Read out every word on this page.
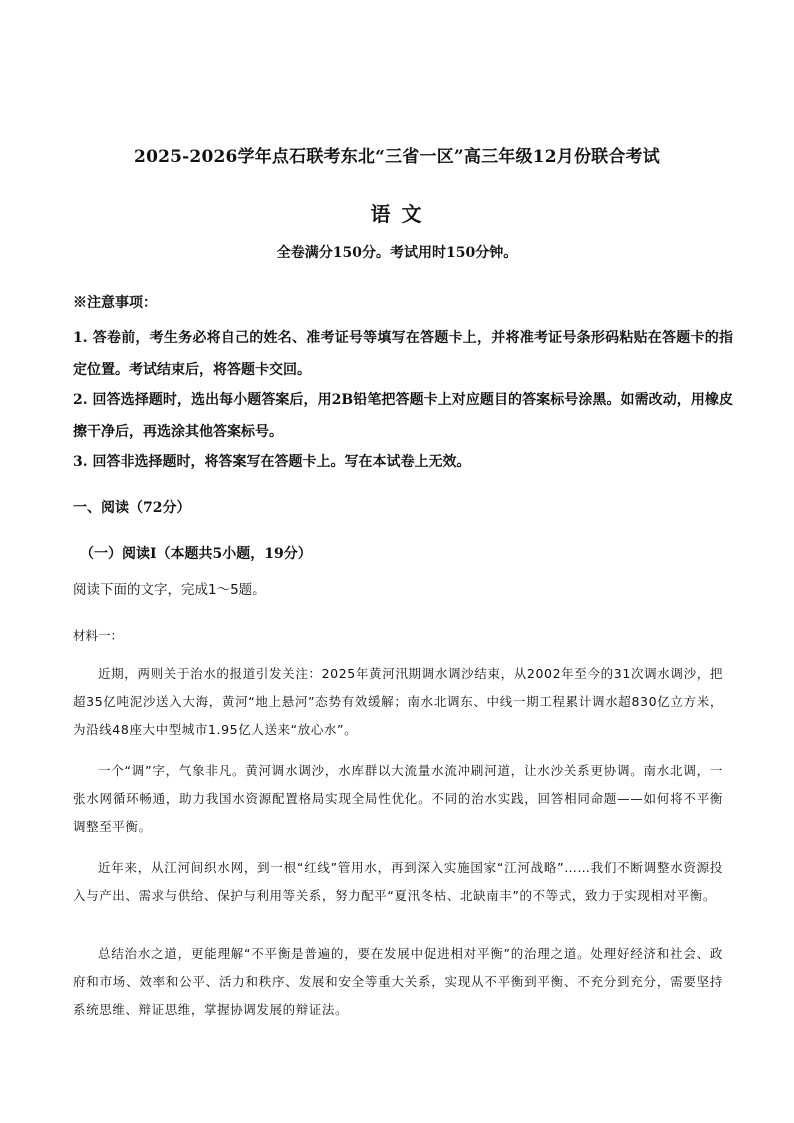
2025-2026学年点石联考东北“三省一区”高三年级12月份联合考试
语 文
全卷满分150分。考试用时150分钟。
※注意事项：
1. 答卷前，考生务必将自己的姓名、准考证号等填写在答题卡上，并将准考证号条形码粘贴在答题卡的指定位置。考试结束后，将答题卡交回。
2. 回答选择题时，选出每小题答案后，用2B铅笔把答题卡上对应题目的答案标号涂黑。如需改动，用橡皮擦干净后，再选涂其他答案标号。
3. 回答非选择题时，将答案写在答题卡上。写在本试卷上无效。
一、阅读（72分）
（一）阅读Ⅰ（本题共5小题，19分）
阅读下面的文字，完成1～5题。
材料一：
近期，两则关于治水的报道引发关注：2025年黄河汛期调水调沙结束，从2002年至今的31次调水调沙，把超35亿吨泥沙送入大海，黄河“地上悬河”态势有效缓解；南水北调东、中线一期工程累计调水超830亿立方米，为沿线48座大中型城市1.95亿人送来“放心水”。
一个“调”字，气象非凡。黄河调水调沙，水库群以大流量水流冲刷河道，让水沙关系更协调。南水北调，一张水网循环畅通，助力我国水资源配置格局实现全局性优化。不同的治水实践，回答相同命题——如何将不平衡调整至平衡。
近年来，从江河间织水网，到一根“红线”管用水，再到深入实施国家“江河战略”……我们不断调整水资源投入与产出、需求与供给、保护与利用等关系，努力配平“夏汛冬枯、北缺南丰”的不等式，致力于实现相对平衡。
总结治水之道，更能理解“不平衡是普遍的，要在发展中促进相对平衡”的治理之道。处理好经济和社会、政府和市场、效率和公平、活力和秩序、发展和安全等重大关系，实现从不平衡到平衡、不充分到充分，需要坚持系统思维、辩证思维，掌握协调发展的辩证法。
